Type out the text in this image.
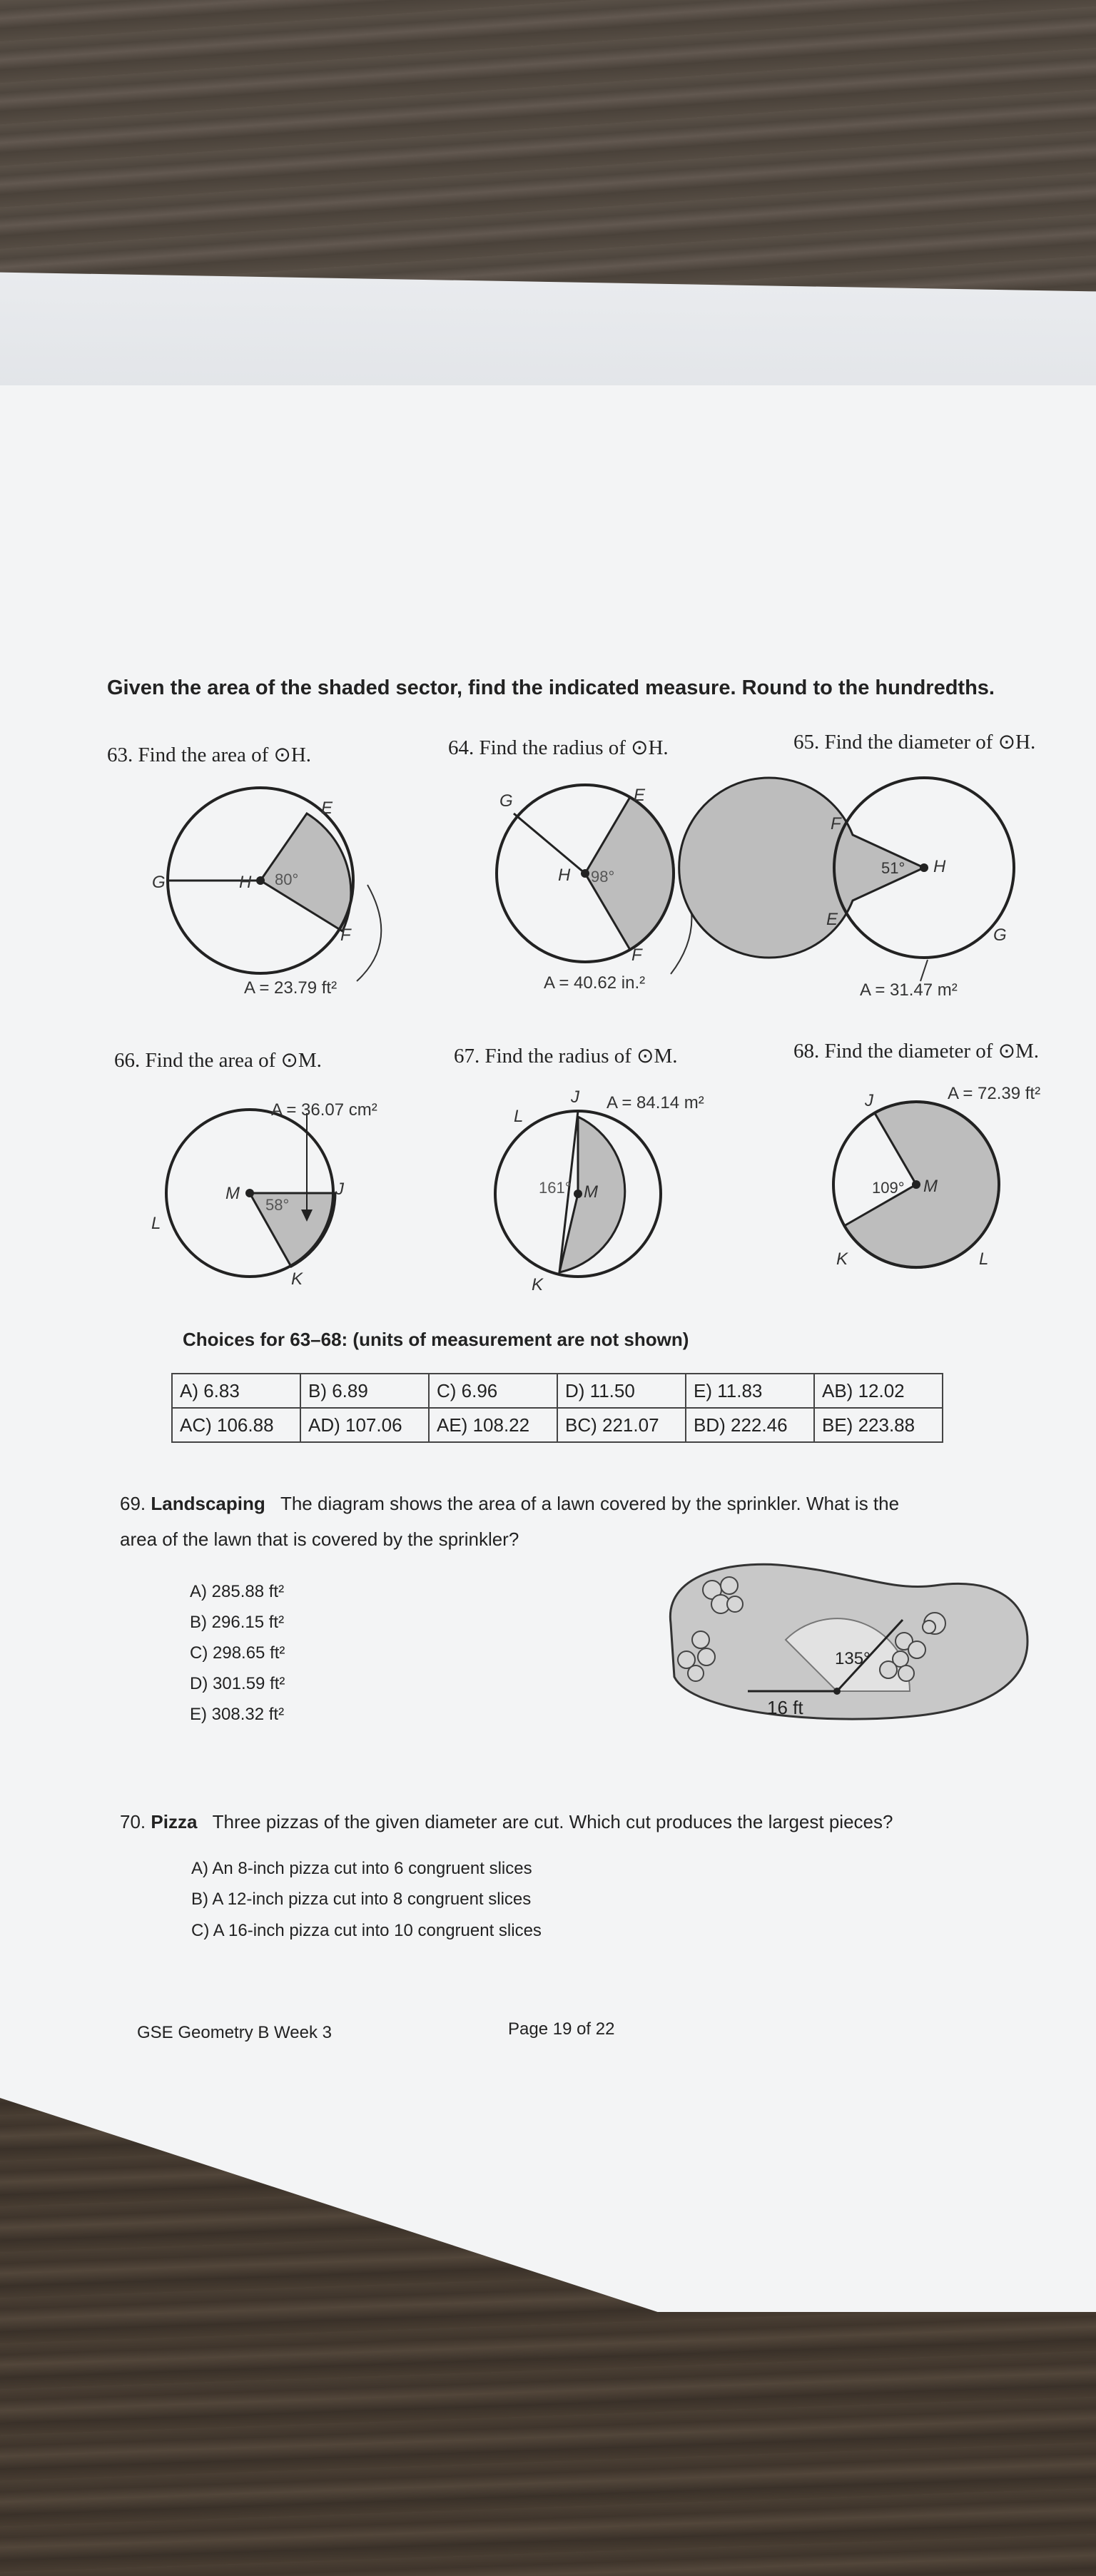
Given the area of the shaded sector, find the indicated measure. Round to the hundredths.
63. Find the area of ⊙H.	64. Find the radius of ⊙H.	65. Find the diameter of ⊙H.
E
G	H 80°
F
A = 23.79 ft²
G	E
H 98°
F
A = 40.62 in.²
F
E
51° H
G
A = 31.47 m²
A = 36.07 cm²
M
58°
J
L
K
J A = 84.14 m²
L
161° M
K
J	A = 72.39 ft²
109° M
K	L
135°
16 ft
66. Find the area of ⊙M.	67. Find the radius of ⊙M.	68. Find the diameter of ⊙M.
Choices for 63–68: (units of measurement are not shown)
A) 6.83	B) 6.89	C) 6.96	D) 11.50	E) 11.83	AB) 12.02
AC) 106.88	AD) 107.06	AE) 108.22	BC) 221.07	BD) 222.46	BE) 223.88
69. Landscaping The diagram shows the area of a lawn covered by the sprinkler. What is the
area of the lawn that is covered by the sprinkler?
A) 285.88 ft²
B) 296.15 ft²
C) 298.65 ft²
D) 301.59 ft²
E) 308.32 ft²
70. Pizza Three pizzas of the given diameter are cut. Which cut produces the largest pieces?
A) An 8-inch pizza cut into 6 congruent slices
B) A 12-inch pizza cut into 8 congruent slices
C) A 16-inch pizza cut into 10 congruent slices
GSE Geometry B Week 3	Page 19 of 22
